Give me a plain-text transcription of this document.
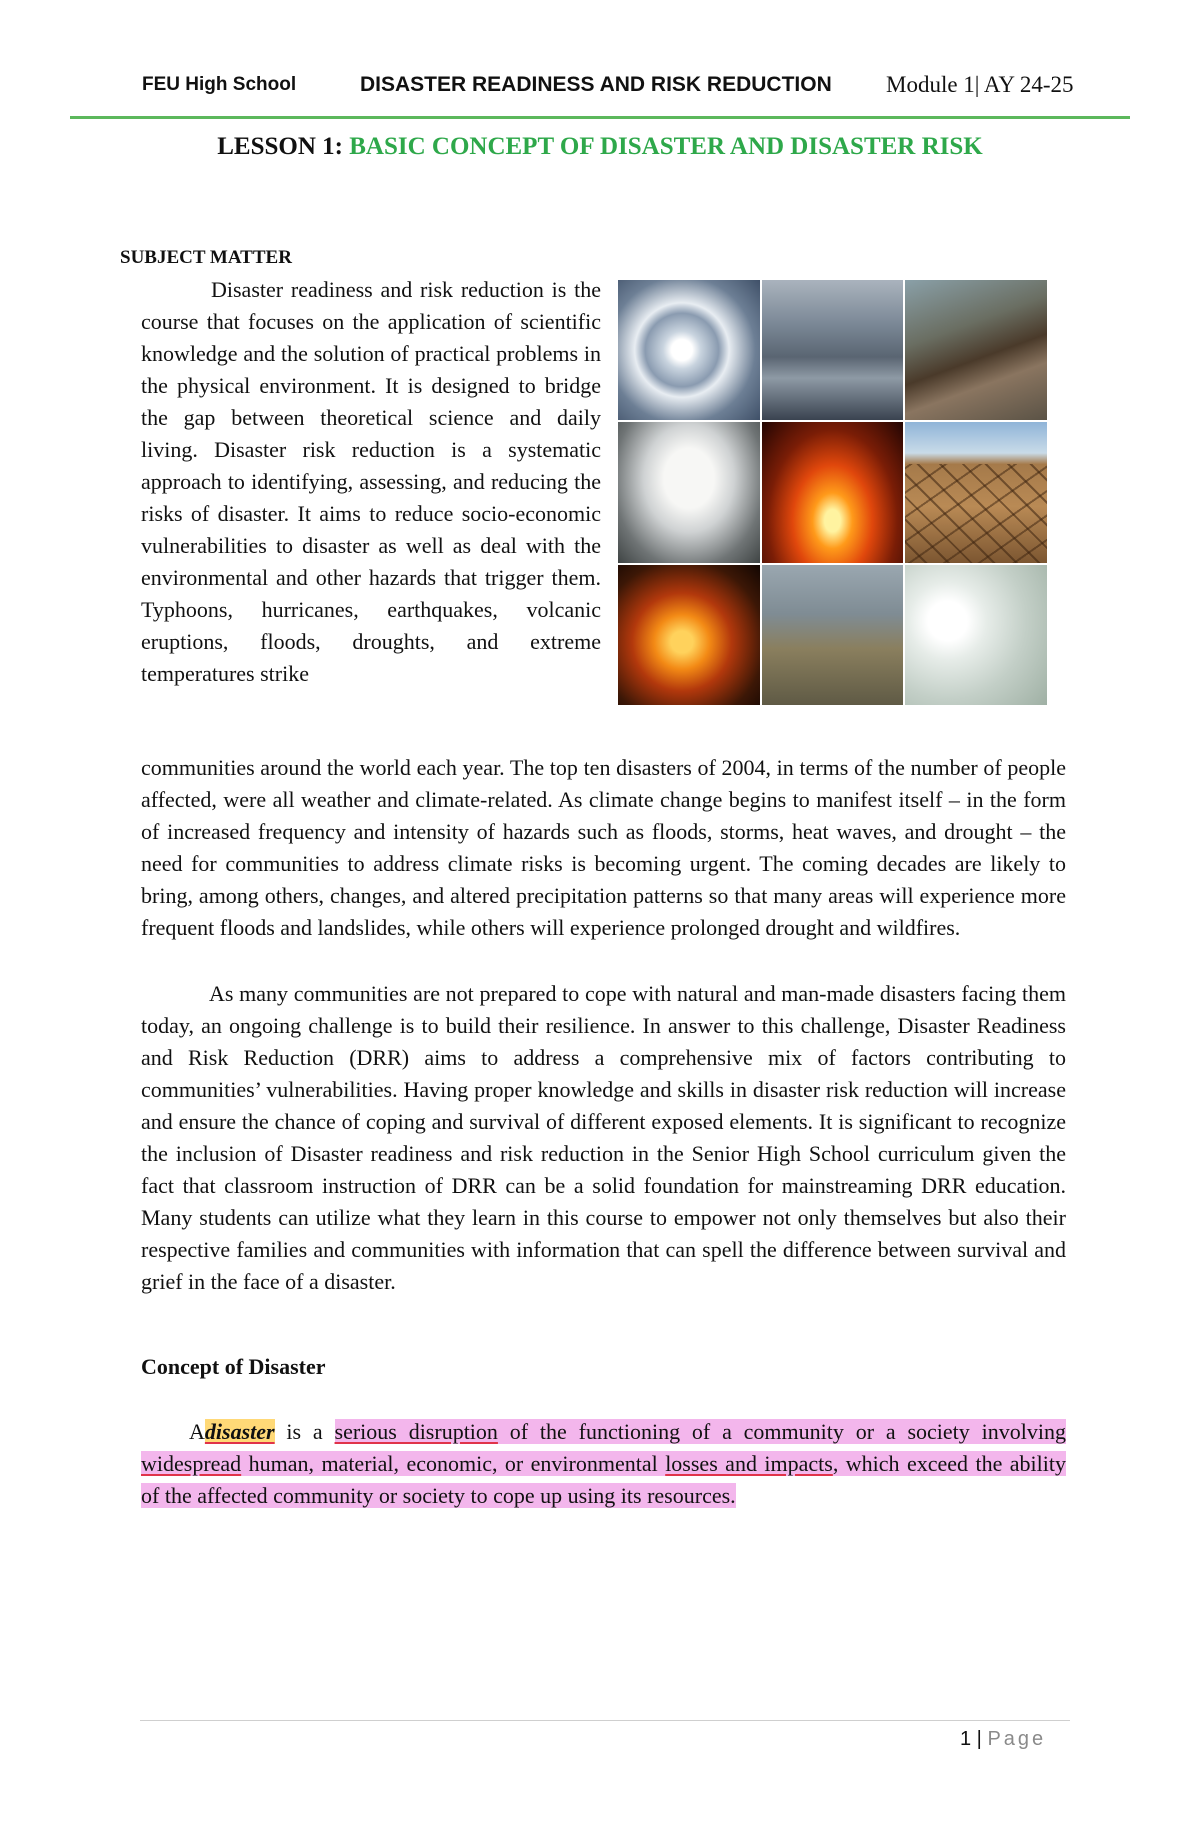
FEU High School	DISASTER READINESS AND RISK REDUCTION Module 1| AY 24-25
LESSON 1: BASIC CONCEPT OF DISASTER AND DISASTER RISK
SUBJECT MATTER

Disaster readiness and risk reduction is the course that focuses on the application of scientific knowledge and the solution of practical problems in the physical environment. It is designed to bridge the gap between theoretical science and daily living. Disaster risk reduction is a systematic approach to identifying, assessing, and reducing the risks of disaster. It aims to reduce socio-economic vulnerabilities to disaster as well as deal with the environmental and other hazards that trigger them. Typhoons, hurricanes, earthquakes, volcanic eruptions, floods, droughts, and extreme temperatures strike

communities around the world each year. The top ten disasters of 2004, in terms of the number of people affected, were all weather and climate-related. As climate change begins to manifest itself – in the form of increased frequency and intensity of hazards such as floods, storms, heat waves, and drought – the need for communities to address climate risks is becoming urgent. The coming decades are likely to bring, among others, changes, and altered precipitation patterns so that many areas will experience more frequent floods and landslides, while others will experience prolonged drought and wildfires.

As many communities are not prepared to cope with natural and man-made disasters facing them today, an ongoing challenge is to build their resilience. In answer to this challenge, Disaster Readiness and Risk Reduction (DRR) aims to address a comprehensive mix of factors contributing to communities’ vulnerabilities. Having proper knowledge and skills in disaster risk reduction will increase and ensure the chance of coping and survival of different exposed elements. It is significant to recognize the inclusion of Disaster readiness and risk reduction in the Senior High School curriculum given the fact that classroom instruction of DRR can be a solid foundation for mainstreaming DRR education. Many students can utilize what they learn in this course to empower not only themselves but also their respective families and communities with information that can spell the difference between survival and grief in the face of a disaster.

Concept of Disaster

Adisaster is a serious disruption of the functioning of a community or a society involving widespread human, material, economic, or environmental losses and impacts, which exceed the ability of the affected community or society to cope up using its resources.

1 | Page
